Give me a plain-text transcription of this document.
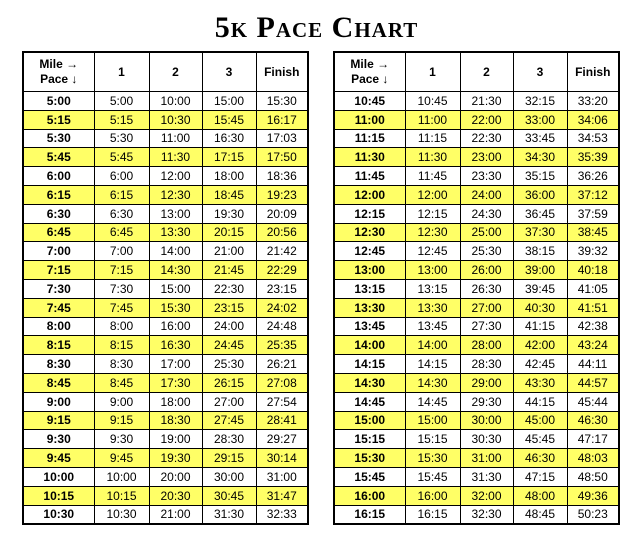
5k Pace Chart
Mile →
Pace ↓	1	2	3	Finish
5:00	5:00	10:00	15:00	15:30
5:15	5:15	10:30	15:45	16:17
5:30	5:30	11:00	16:30	17:03
5:45	5:45	11:30	17:15	17:50
6:00	6:00	12:00	18:00	18:36
6:15	6:15	12:30	18:45	19:23
6:30	6:30	13:00	19:30	20:09
6:45	6:45	13:30	20:15	20:56
7:00	7:00	14:00	21:00	21:42
7:15	7:15	14:30	21:45	22:29
7:30	7:30	15:00	22:30	23:15
7:45	7:45	15:30	23:15	24:02
8:00	8:00	16:00	24:00	24:48
8:15	8:15	16:30	24:45	25:35
8:30	8:30	17:00	25:30	26:21
8:45	8:45	17:30	26:15	27:08
9:00	9:00	18:00	27:00	27:54
9:15	9:15	18:30	27:45	28:41
9:30	9:30	19:00	28:30	29:27
9:45	9:45	19:30	29:15	30:14
10:00	10:00	20:00	30:00	31:00
10:15	10:15	20:30	30:45	31:47
10:30	10:30	21:00	31:30	32:33
Mile →
Pace ↓	1	2	3	Finish
10:45	10:45	21:30	32:15	33:20
11:00	11:00	22:00	33:00	34:06
11:15	11:15	22:30	33:45	34:53
11:30	11:30	23:00	34:30	35:39
11:45	11:45	23:30	35:15	36:26
12:00	12:00	24:00	36:00	37:12
12:15	12:15	24:30	36:45	37:59
12:30	12:30	25:00	37:30	38:45
12:45	12:45	25:30	38:15	39:32
13:00	13:00	26:00	39:00	40:18
13:15	13:15	26:30	39:45	41:05
13:30	13:30	27:00	40:30	41:51
13:45	13:45	27:30	41:15	42:38
14:00	14:00	28:00	42:00	43:24
14:15	14:15	28:30	42:45	44:11
14:30	14:30	29:00	43:30	44:57
14:45	14:45	29:30	44:15	45:44
15:00	15:00	30:00	45:00	46:30
15:15	15:15	30:30	45:45	47:17
15:30	15:30	31:00	46:30	48:03
15:45	15:45	31:30	47:15	48:50
16:00	16:00	32:00	48:00	49:36
16:15	16:15	32:30	48:45	50:23
